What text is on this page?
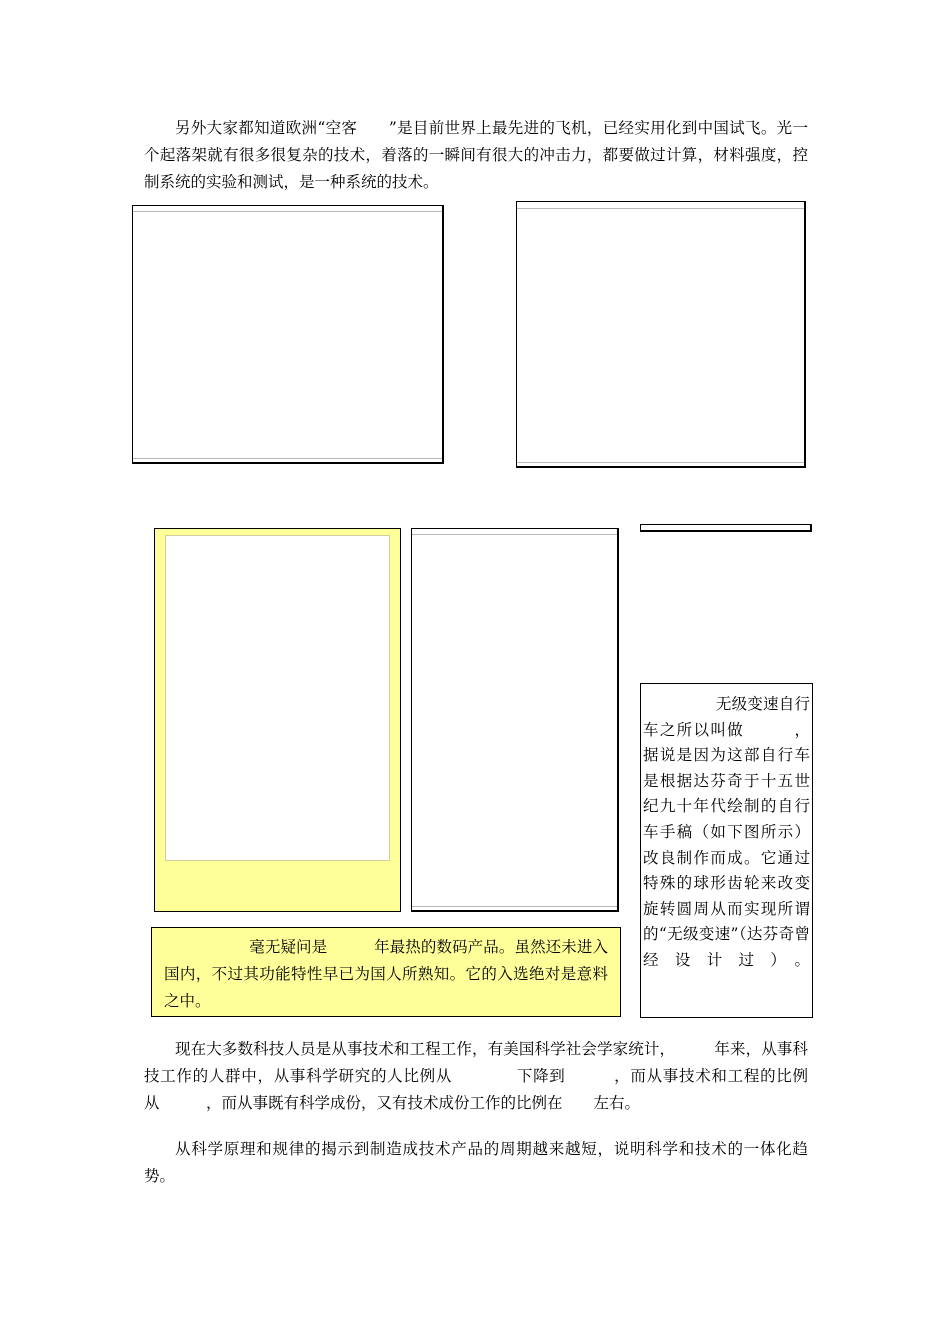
另外大家都知道欧洲“空客　　”是目前世界上最先进的飞机，已经实用化到中国试飞。光一个起落架就有很多很复杂的技术，着落的一瞬间有很大的冲击力，都要做过计算，材料强度，控制系统的实验和测试，是一种系统的技术。

无级变速自行车之所以叫做　　　，据说是因为这部自行车是根据达芬奇于十五世纪九十年代绘制的自行车手稿（如下图所示）改良制作而成。它通过特殊的球形齿轮来改变旋转圆周从而实现所谓的“无级变速”（达芬奇曾经设计过）。

毫无疑问是　　　年最热的数码产品。虽然还未进入国内，不过其功能特性早已为国人所熟知。它的入选绝对是意料之中。

现在大多数科技人员是从事技术和工程工作，有美国科学社会学家统计，　　　年来，从事科技工作的人群中，从事科学研究的人比例从　　　　下降到　　　，而从事技术和工程的比例从　　　，而从事既有科学成份，又有技术成份工作的比例在　　左右。

从科学原理和规律的揭示到制造成技术产品的周期越来越短，说明科学和技术的一体化趋势。
